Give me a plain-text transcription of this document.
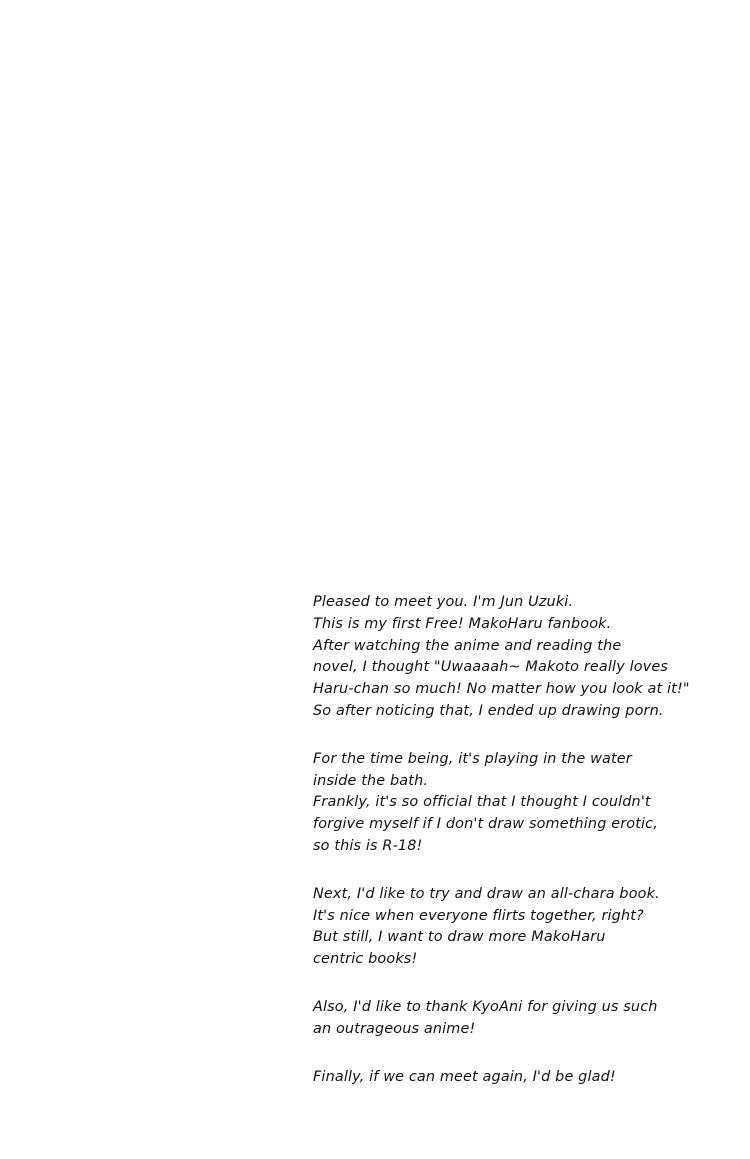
Pleased to meet you. I'm Jun Uzuki.
This is my first Free! MakoHaru fanbook.
After watching the anime and reading the
novel, I thought "Uwaaaah~ Makoto really loves
Haru-chan so much! No matter how you look at it!"
So after noticing that, I ended up drawing porn.
For the time being, it's playing in the water
inside the bath.
Frankly, it's so official that I thought I couldn't
forgive myself if I don't draw something erotic,
so this is R-18!
Next, I'd like to try and draw an all-chara book.
It's nice when everyone flirts together, right?
But still, I want to draw more MakoHaru
centric books!
Also, I'd like to thank KyoAni for giving us such
an outrageous anime!
Finally, if we can meet again, I'd be glad!
